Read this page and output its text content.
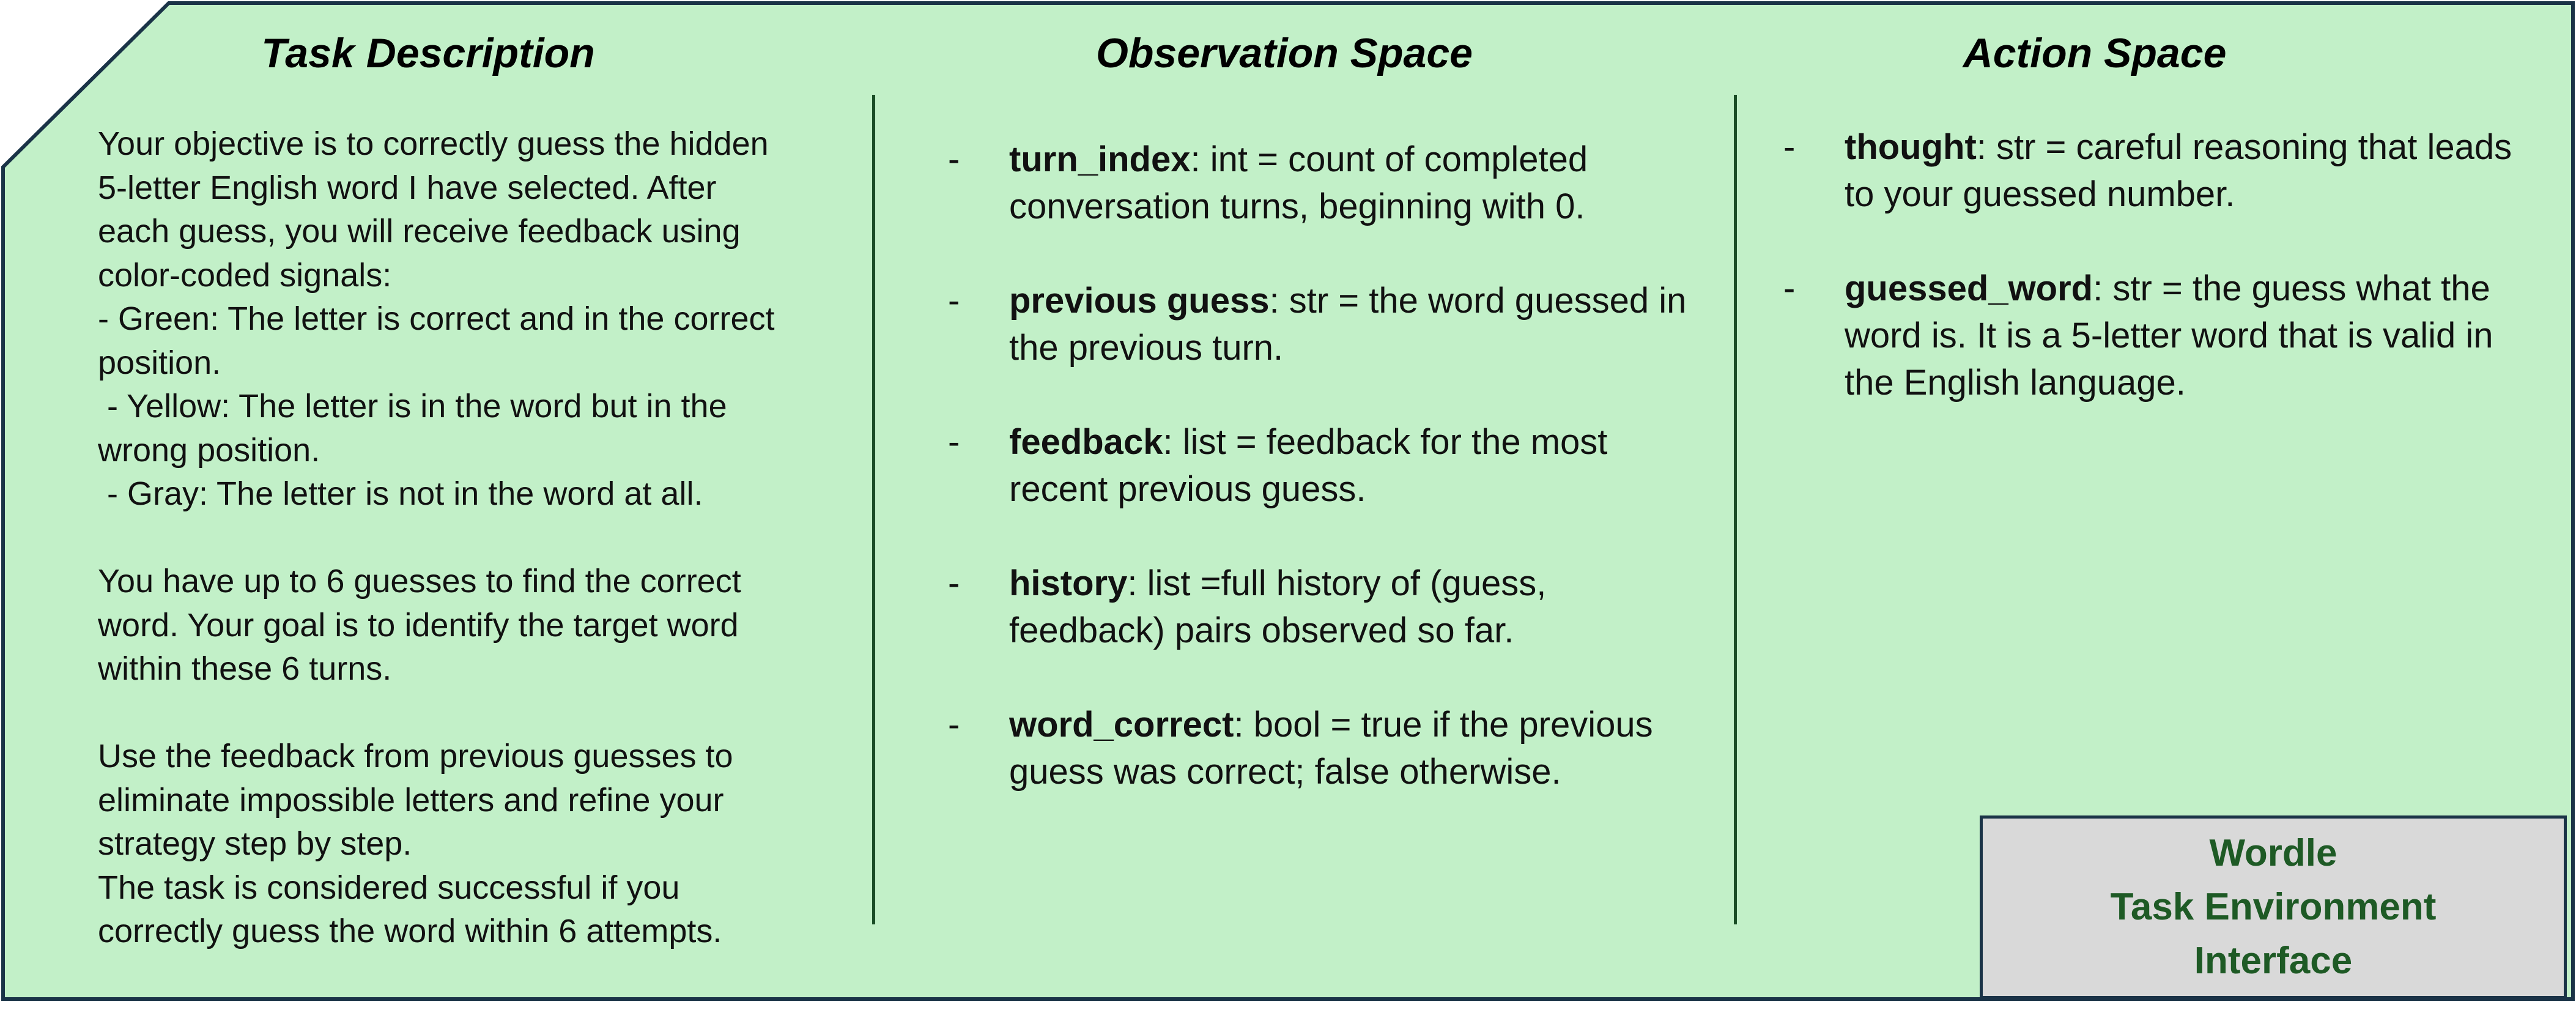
Task Description	Observation Space	Action Space

Your objective is to correctly guess the hidden

5-letter English word I have selected. After

each guess, you will receive feedback using

color-coded signals:

- Green: The letter is correct and in the correct

position.

- Yellow: The letter is in the word but in the

wrong position.

- Gray: The letter is not in the word at all.

You have up to 6 guesses to find the correct

word. Your goal is to identify the target word

within these 6 turns.

Use the feedback from previous guesses to

eliminate impossible letters and refine your

strategy step by step.

The task is considered successful if you

correctly guess the word within 6 attempts.

- turn_index: int = count of completed conversation turns, beginning with 0.
- previous guess: str = the word guessed in the previous turn.
- feedback: list = feedback for the most recent previous guess.
- history: list =full history of (guess, feedback) pairs observed so far.
- word_correct: bool = true if the previous guess was correct; false otherwise.
- thought: str = careful reasoning that leads to your guessed number.
- guessed_word: str = the guess what the word is. It is a 5-letter word that is valid in the English language.
Wordle
Task Environment
Interface
